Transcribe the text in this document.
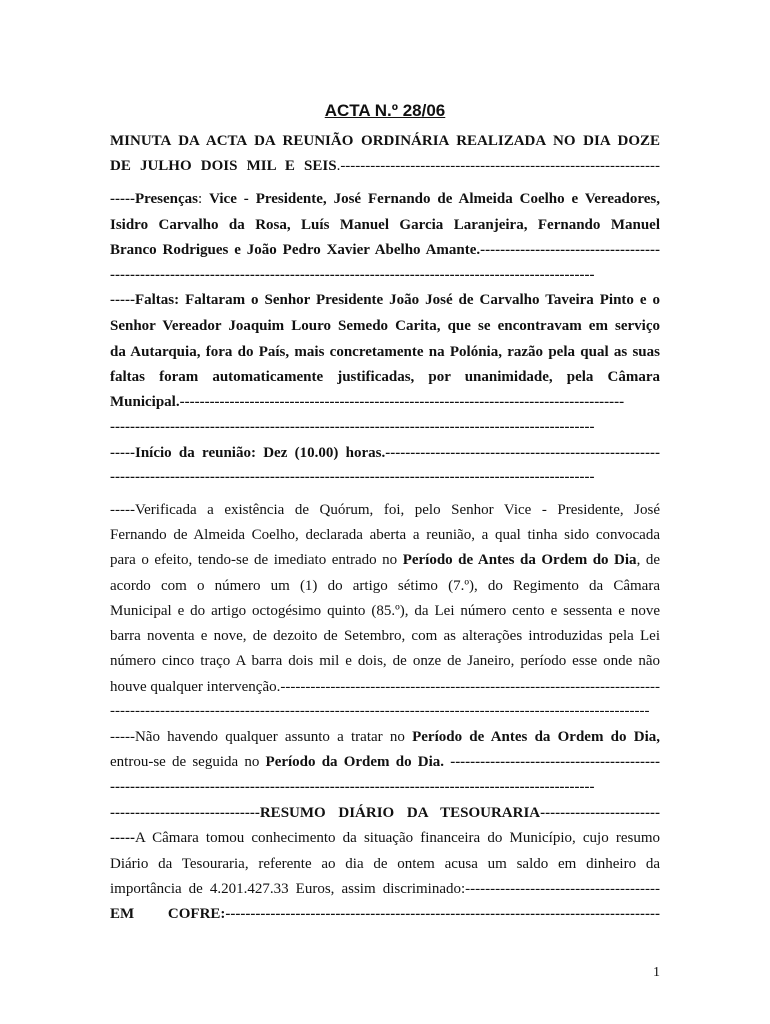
ACTA N.º 28/06
MINUTA DA ACTA DA REUNIÃO ORDINÁRIA REALIZADA NO DIA DOZE
DE JULHO DOIS MIL E SEIS.----------------------------------------------------------------
-----Presenças: Vice - Presidente, José Fernando de Almeida Coelho e Vereadores,
Isidro Carvalho da Rosa, Luís Manuel Garcia Laranjeira, Fernando Manuel
Branco Rodrigues e João Pedro Xavier Abelho Amante.------------------------------------
-------------------------------------------------------------------------------------------------
-----Faltas: Faltaram o Senhor Presidente João José de Carvalho Taveira Pinto e o
Senhor Vereador Joaquim Louro Semedo Carita, que se encontravam em serviço
da Autarquia, fora do País, mais concretamente na Polónia, razão pela qual as suas
faltas foram automaticamente justificadas, por unanimidade, pela Câmara
Municipal.-----------------------------------------------------------------------------------------
-------------------------------------------------------------------------------------------------
-----Início da reunião: Dez (10.00) horas.-------------------------------------------------------
-------------------------------------------------------------------------------------------------
-----Verificada a existência de Quórum, foi, pelo Senhor Vice - Presidente, José
Fernando de Almeida Coelho, declarada aberta a reunião, a qual tinha sido convocada
para o efeito, tendo-se de imediato entrado no Período de Antes da Ordem do Dia, de
acordo com o número um (1) do artigo sétimo (7.º), do Regimento da Câmara
Municipal e do artigo octogésimo quinto (85.º), da Lei número cento e sessenta e nove
barra noventa e nove, de dezoito de Setembro, com as alterações introduzidas pela Lei
número cinco traço A barra dois mil e dois, de onze de Janeiro, período esse onde não
houve qualquer intervenção.----------------------------------------------------------------------------
------------------------------------------------------------------------------------------------------------
-----Não havendo qualquer assunto a tratar no Período de Antes da Ordem do Dia,
entrou-se de seguida no Período da Ordem do Dia. ------------------------------------------
-------------------------------------------------------------------------------------------------
------------------------------RESUMO DIÁRIO DA TESOURARIA------------------------
-----A Câmara tomou conhecimento da situação financeira do Município, cujo resumo
Diário da Tesouraria, referente ao dia de ontem acusa um saldo em dinheiro da
importância de 4.201.427.33 Euros, assim discriminado:---------------------------------------
EM COFRE:---------------------------------------------------------------------------------------
1
